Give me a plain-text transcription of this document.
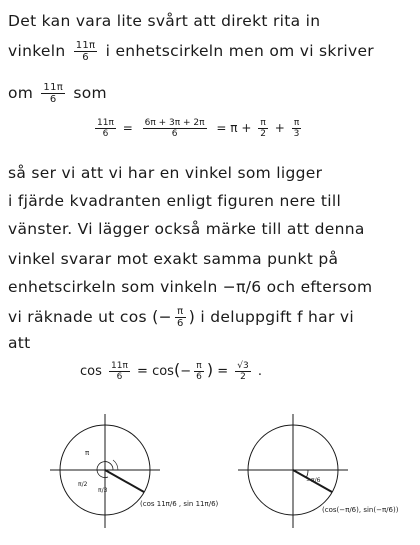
Det kan vara lite svårt att direkt rita in
vinkeln $\frac{11\pi}{6}$ i enhetscirkeln men om vi skriver
om $\frac{11\pi}{6}$ som
$\frac{11\pi}{6} = \frac{6\pi + 3\pi + 2\pi}{6} = \pi + \frac{\pi}{2} + \frac{\pi}{3}$
så ser vi att vi har en vinkel som ligger
i fjärde kvadranten enligt figuren nere till
vänster. Vi lägger också märke till att denna
vinkel svarar mot exakt samma punkt på
enhetscirkeln som vinkeln −π/6 och eftersom
vi räknade ut cos (− $\frac{\pi}{6}$ ) i deluppgift f har vi
att
$\cos \frac{11\pi}{6} = \cos(- \frac{\pi}{6}$ ) = $\frac{√3}{2}$ .
π
π/2
π/3
(cos 11π/6 , sin 11π/6)
−π/6
(cos(−π/6), sin(−π/6))
